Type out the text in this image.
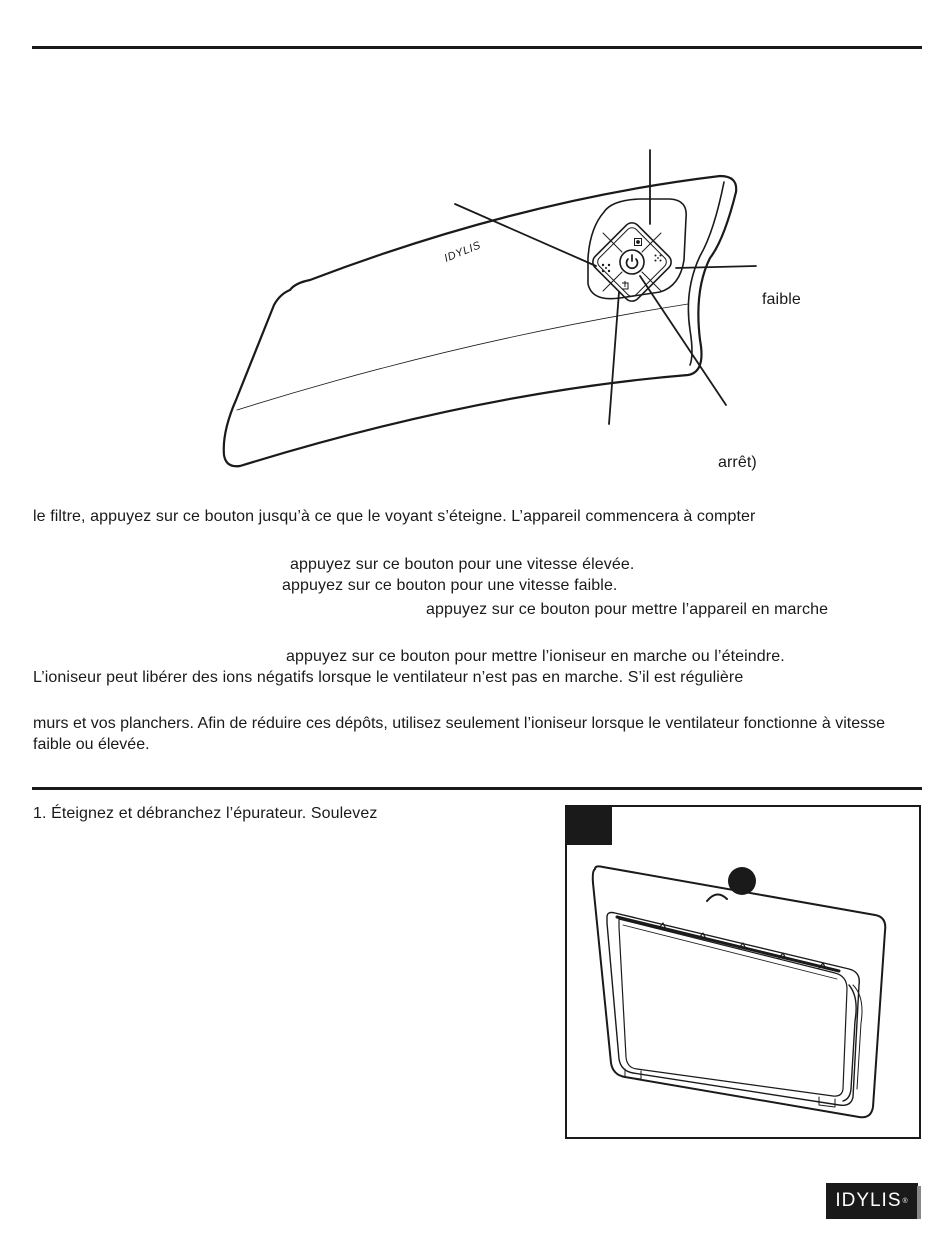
IDYLIS
faible
arrêt)
le filtre, appuyez sur ce bouton jusqu’à ce que le voyant s’éteigne. L’appareil commencera à compter
appuyez sur ce bouton pour une vitesse élevée.
appuyez sur ce bouton pour une vitesse faible.
appuyez sur ce bouton pour mettre l’appareil en marche
appuyez sur ce bouton pour mettre l’ioniseur en marche ou l’éteindre.
L’ioniseur peut libérer des ions négatifs lorsque le ventilateur n’est pas en marche. S’il est régulière

murs et vos planchers. Afin de réduire ces dépôts, utilisez seulement l’ioniseur lorsque le ventilateur fonctionne à vitesse faible ou élevée.

1. Éteignez et débranchez l’épurateur. Soulevez
IDYLIS ®
